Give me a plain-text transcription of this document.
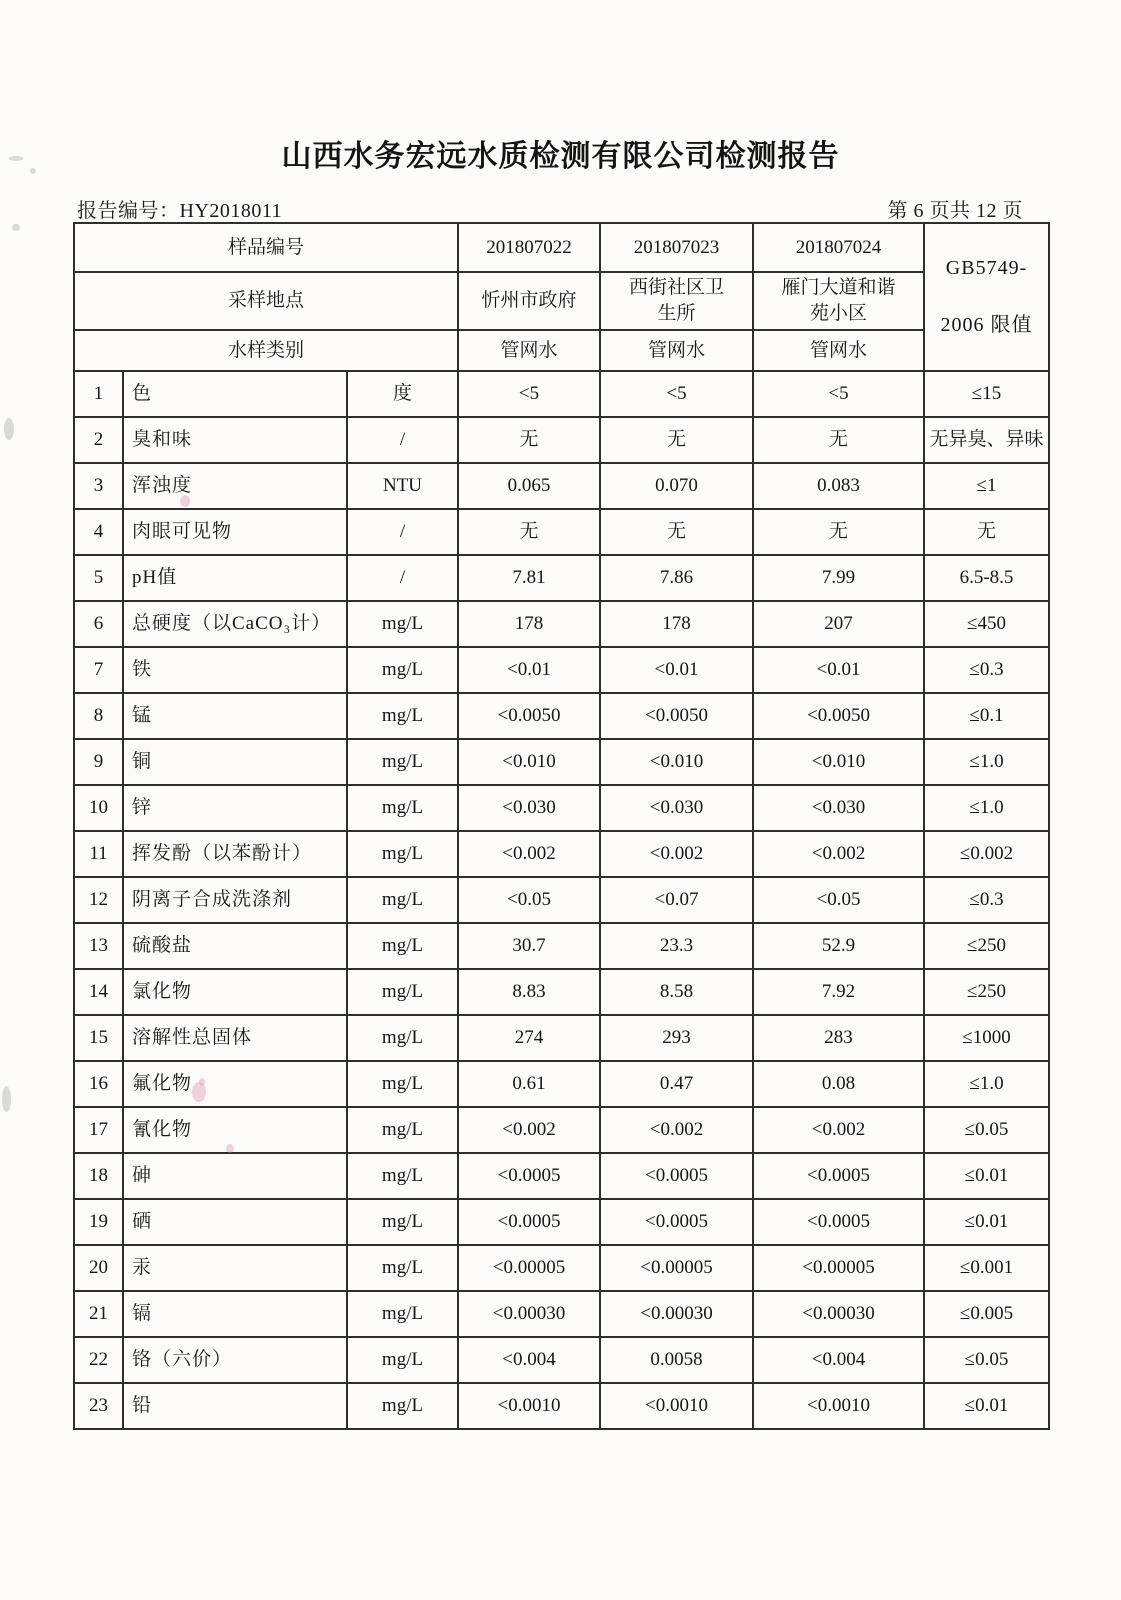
山西水务宏远水质检测有限公司检测报告
报告编号：HY2018011	第 6 页共 12 页
样品编号			201807022	201807023	201807024	GB5749-
2006 限值

采样地点			忻州市政府	西街社区卫生所	雁门大道和谐苑小区	
水样类别			管网水	管网水	管网水	
1	色	度	<5	<5	<5	≤15
2	臭和味	/	无	无	无	无异臭、异味
3	浑浊度	NTU	0.065	0.070	0.083	≤1
4	肉眼可见物	/	无	无	无	无
5	pH值	/	7.81	7.86	7.99	6.5-8.5
6	总硬度（以CaCO₃计）	mg/L	178	178	207	≤450
7	铁	mg/L	<0.01	<0.01	<0.01	≤0.3
8	锰	mg/L	<0.0050	<0.0050	<0.0050	≤0.1
9	铜	mg/L	<0.010	<0.010	<0.010	≤1.0
10	锌	mg/L	<0.030	<0.030	<0.030	≤1.0
11	挥发酚（以苯酚计）	mg/L	<0.002	<0.002	<0.002	≤0.002
12	阴离子合成洗涤剂	mg/L	<0.05	<0.07	<0.05	≤0.3
13	硫酸盐	mg/L	30.7	23.3	52.9	≤250
14	氯化物	mg/L	8.83	8.58	7.92	≤250
15	溶解性总固体	mg/L	274	293	283	≤1000
16	氟化物	mg/L	0.61	0.47	0.08	≤1.0
17	氰化物	mg/L	<0.002	<0.002	<0.002	≤0.05
18	砷	mg/L	<0.0005	<0.0005	<0.0005	≤0.01
19	硒	mg/L	<0.0005	<0.0005	<0.0005	≤0.01
20	汞	mg/L	<0.00005	<0.00005	<0.00005	≤0.001
21	镉	mg/L	<0.00030	<0.00030	<0.00030	≤0.005
22	铬（六价）	mg/L	<0.004	0.0058	<0.004	≤0.05
23	铅	mg/L	<0.0010	<0.0010	<0.0010	≤0.01
